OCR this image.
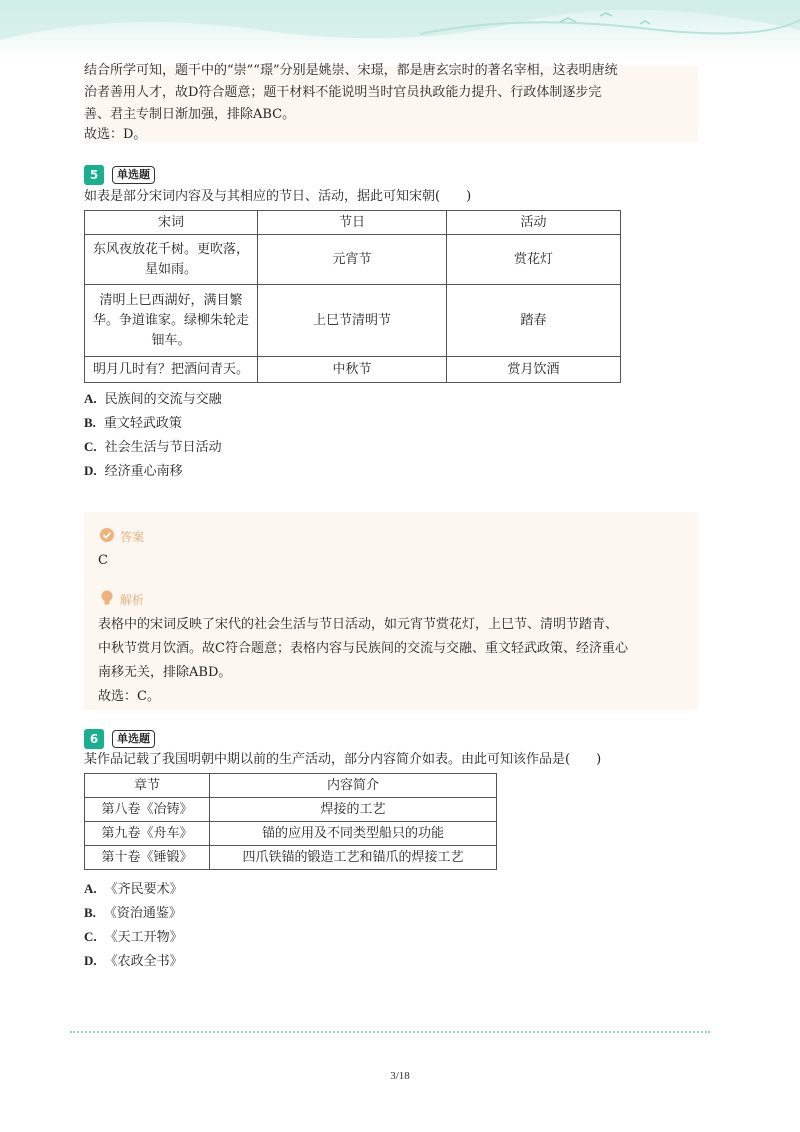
结合所学可知，题干中的“崇”“璟”分别是姚崇、宋璟，都是唐玄宗时的著名宰相，这表明唐统
治者善用人才，故D符合题意；题干材料不能说明当时官员执政能力提升、行政体制逐步完
善、君主专制日渐加强，排除ABC。
故选：D。
5	单选题
如表是部分宋词内容及与其相应的节日、活动，据此可知宋朝(　　)
宋词	节日	活动

东风夜放花千树。更吹落，
星如雨。	元宵节	赏花灯

清明上巳西湖好，满目繁
华。争道谁家。绿柳朱轮走
钿车。	上巳节清明节	踏春

明月几时有？把酒问青天。	中秋节	赏月饮酒
A. 民族间的交流与交融
B. 重文轻武政策
C. 社会生活与节日活动
D. 经济重心南移
答案
C
解析
表格中的宋词反映了宋代的社会生活与节日活动，如元宵节赏花灯，上巳节、清明节踏青、
中秋节赏月饮酒。故C符合题意；表格内容与民族间的交流与交融、重文轻武政策、经济重心
南移无关，排除ABD。
故选：C。
6	单选题
某作品记载了我国明朝中期以前的生产活动，部分内容简介如表。由此可知该作品是(　　)
章节	内容简介
第八卷《冶铸》	焊接的工艺
第九卷《舟车》	锚的应用及不同类型船只的功能
第十卷《锤锻》	四爪铁锚的锻造工艺和锚爪的焊接工艺
A. 《齐民要术》
B. 《资治通鉴》
C. 《天工开物》
D. 《农政全书》
3/18
